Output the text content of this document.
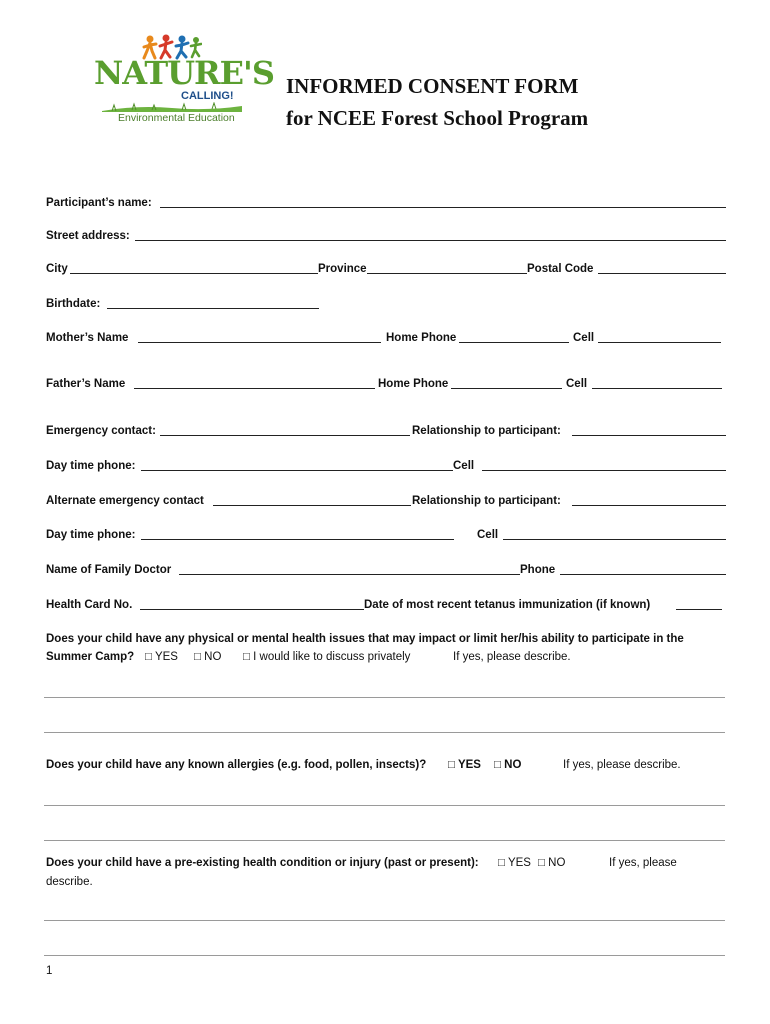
NATURE'S
CALLING!
Environmental Education
INFORMED CONSENT FORM
for NCEE Forest School Program
Participant’s name:
Street address:
City	Province	Postal Code
Birthdate:
Mother’s Name	Home Phone	Cell
Father’s Name	Home Phone	Cell
Emergency contact:	Relationship to participant:
Day time phone:	Cell
Alternate emergency contact	Relationship to participant:
Day time phone:	Cell
Name of Family Doctor	Phone
Health Card No.	Date of most recent tetanus immunization (if known)
Does your child have any physical or mental health issues that may impact or limit her/his ability to participate in the
Summer Camp? □ YES □ NO □ I would like to discuss privately	If yes, please describe.
Does your child have any known allergies (e.g. food, pollen, insects)? □ YES □ NO	If yes, please describe.
Does your child have a pre-existing health condition or injury (past or present): □ YES □ NO	If yes, please
describe.
1
